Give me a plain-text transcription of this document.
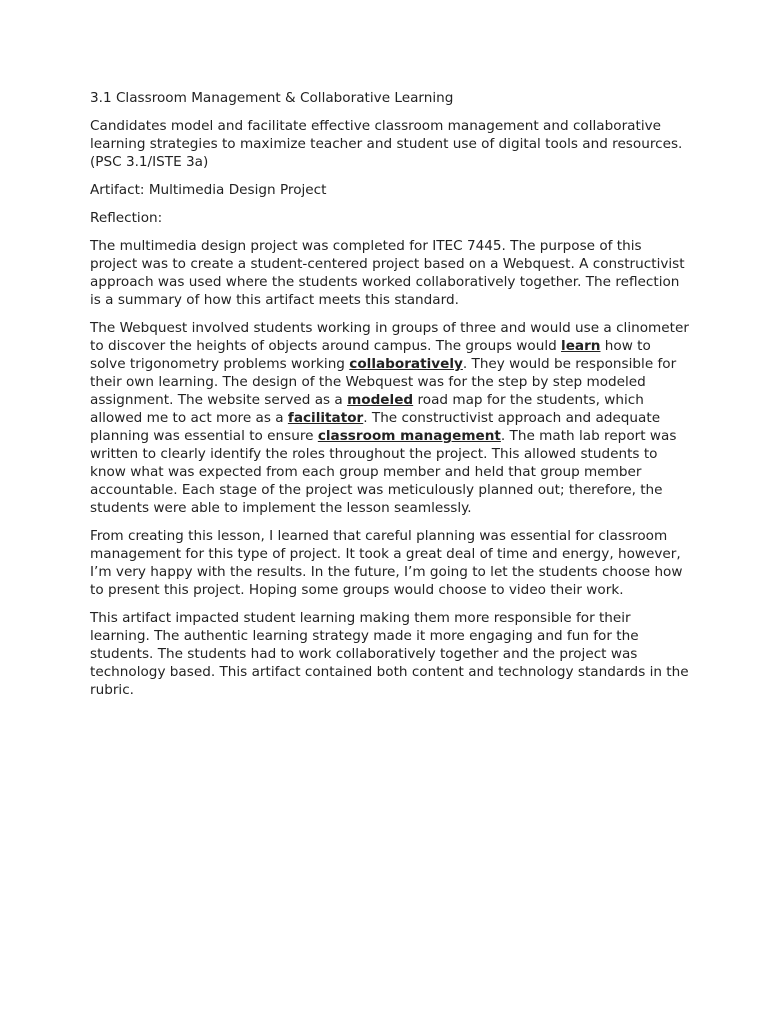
3.1 Classroom Management & Collaborative Learning

Candidates model and facilitate effective classroom management and collaborative learning strategies to maximize teacher and student use of digital tools and resources. (PSC 3.1/ISTE 3a)

Artifact: Multimedia Design Project

Reflection:

The multimedia design project was completed for ITEC 7445. The purpose of this project was to create a student-centered project based on a Webquest. A constructivist approach was used where the students worked collaboratively together. The reflection is a summary of how this artifact meets this standard.

The Webquest involved students working in groups of three and would use a clinometer to discover the heights of objects around campus. The groups would learn how to solve trigonometry problems working collaboratively. They would be responsible for their own learning. The design of the Webquest was for the step by step modeled assignment. The website served as a modeled road map for the students, which allowed me to act more as a facilitator. The constructivist approach and adequate planning was essential to ensure classroom management. The math lab report was written to clearly identify the roles throughout the project. This allowed students to know what was expected from each group member and held that group member accountable. Each stage of the project was meticulously planned out; therefore, the students were able to implement the lesson seamlessly.

From creating this lesson, I learned that careful planning was essential for classroom management for this type of project. It took a great deal of time and energy, however, I’m very happy with the results. In the future, I’m going to let the students choose how to present this project. Hoping some groups would choose to video their work.

This artifact impacted student learning making them more responsible for their learning. The authentic learning strategy made it more engaging and fun for the students. The students had to work collaboratively together and the project was technology based. This artifact contained both content and technology standards in the rubric.
